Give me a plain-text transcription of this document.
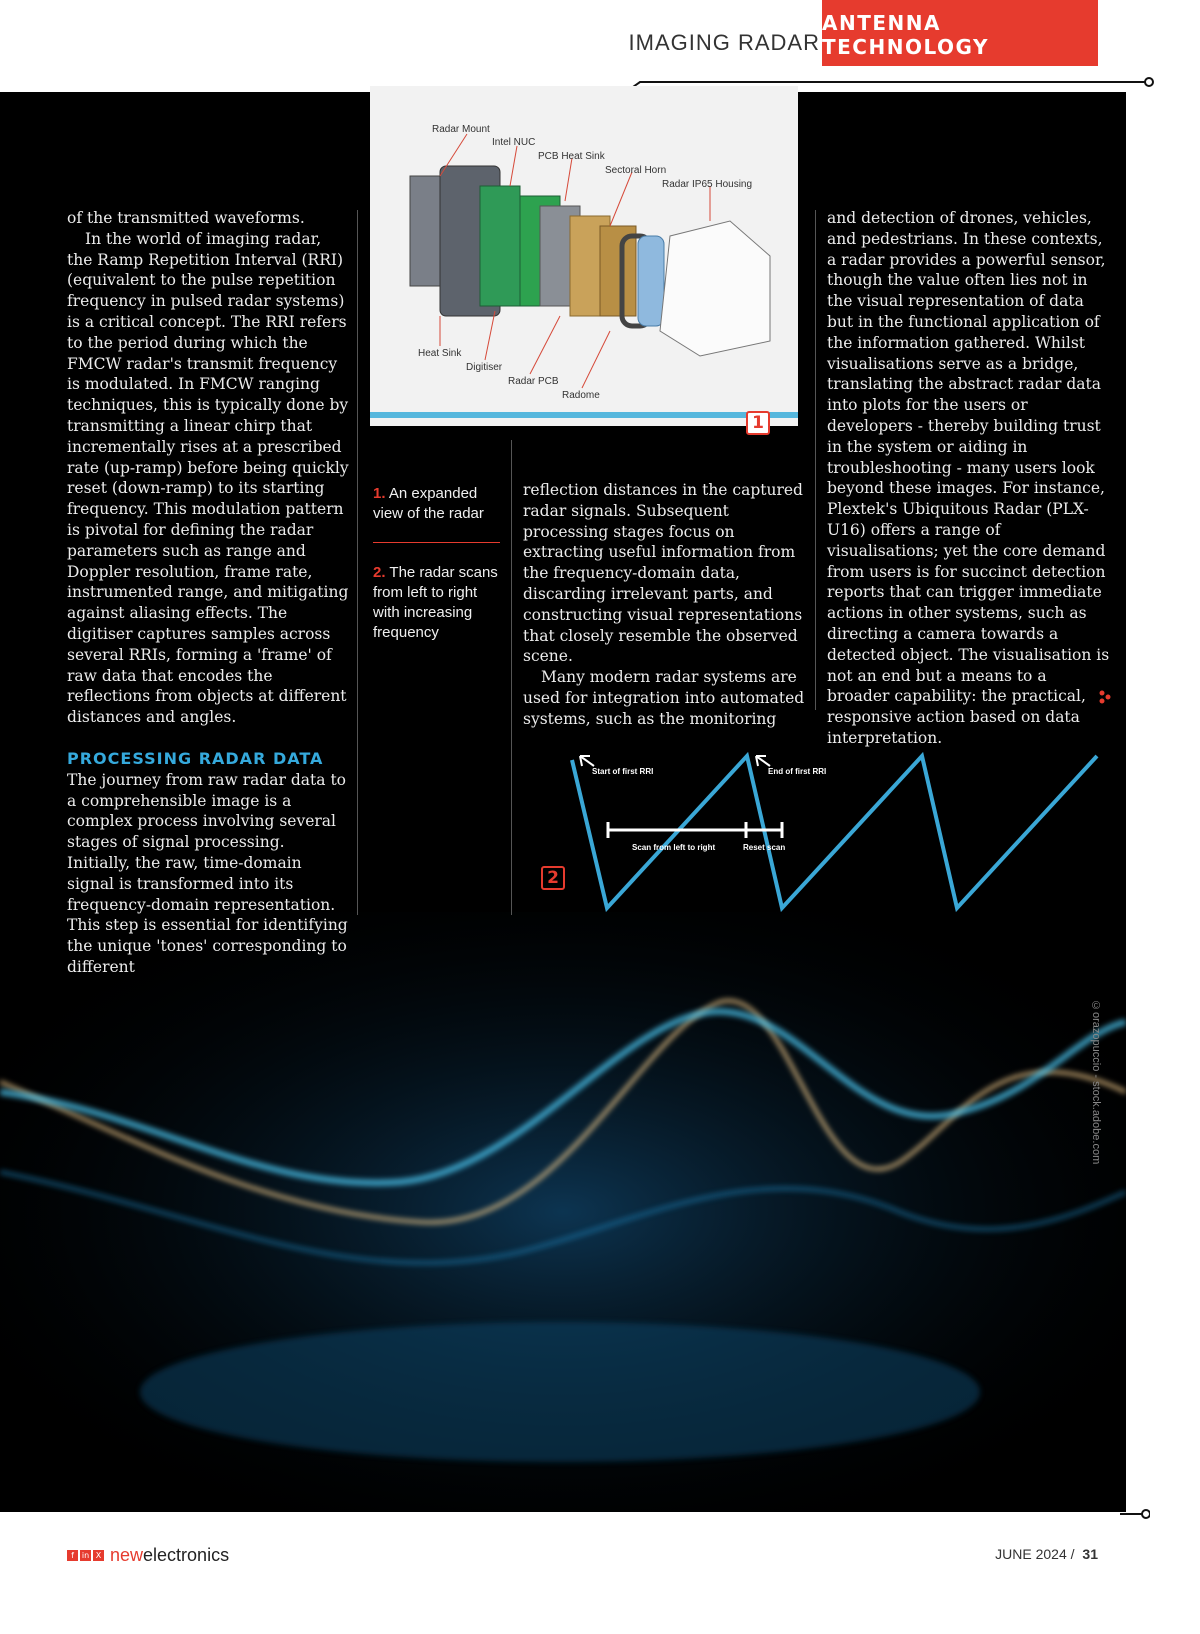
IMAGING RADAR
ANTENNA TECHNOLOGY

of the transmitted waveforms.

In the world of imaging radar, the Ramp Repetition Interval (RRI) (equivalent to the pulse repetition frequency in pulsed radar systems) is a critical concept. The RRI refers to the period during which the FMCW radar's transmit frequency is modulated. In FMCW ranging techniques, this is typically done by transmitting a linear chirp that incrementally rises at a prescribed rate (up-ramp) before being quickly reset (down-ramp) to its starting frequency. This modulation pattern is pivotal for defining the radar parameters such as range and Doppler resolution, frame rate, instrumented range, and mitigating against aliasing effects. The digitiser captures samples across several RRIs, forming a 'frame' of raw data that encodes the reflections from objects at different distances and angles.

PROCESSING RADAR DATA

The journey from raw radar data to a comprehensible image is a complex process involving several stages of signal processing. Initially, the raw, time-domain signal is transformed into its frequency-domain representation. This step is essential for identifying the unique 'tones' corresponding to different

Radar Mount
Intel NUC
PCB Heat Sink
Sectoral Horn
Radar IP65 Housing
Heat Sink
Digitiser
Radar PCB
Radome
1
1. An expanded view of the radar
2. The radar scans from left to right with increasing frequency

reflection distances in the captured radar signals. Subsequent processing stages focus on extracting useful information from the frequency-domain data, discarding irrelevant parts, and constructing visual representations that closely resemble the observed scene.

Many modern radar systems are used for integration into automated systems, such as the monitoring

and detection of drones, vehicles, and pedestrians. In these contexts, a radar provides a powerful sensor, though the value often lies not in the visual representation of data but in the functional application of the information gathered. Whilst visualisations serve as a bridge, translating the abstract radar data into plots for the users or developers - thereby building trust in the system or aiding in troubleshooting - many users look beyond these images. For instance, Plextek's Ubiquitous Radar (PLX-U16) offers a range of visualisations; yet the core demand from users is for succinct detection reports that can trigger immediate actions in other systems, such as directing a camera towards a detected object. The visualisation is not an end but a means to a broader capability: the practical, responsive action based on data interpretation.

Start of first RRI	End of first RRI
Scan from left to right	Reset scan
2
©orazopuccio - stock.adobe.com
f in X newelectronics	JUNE 2024 / 31
